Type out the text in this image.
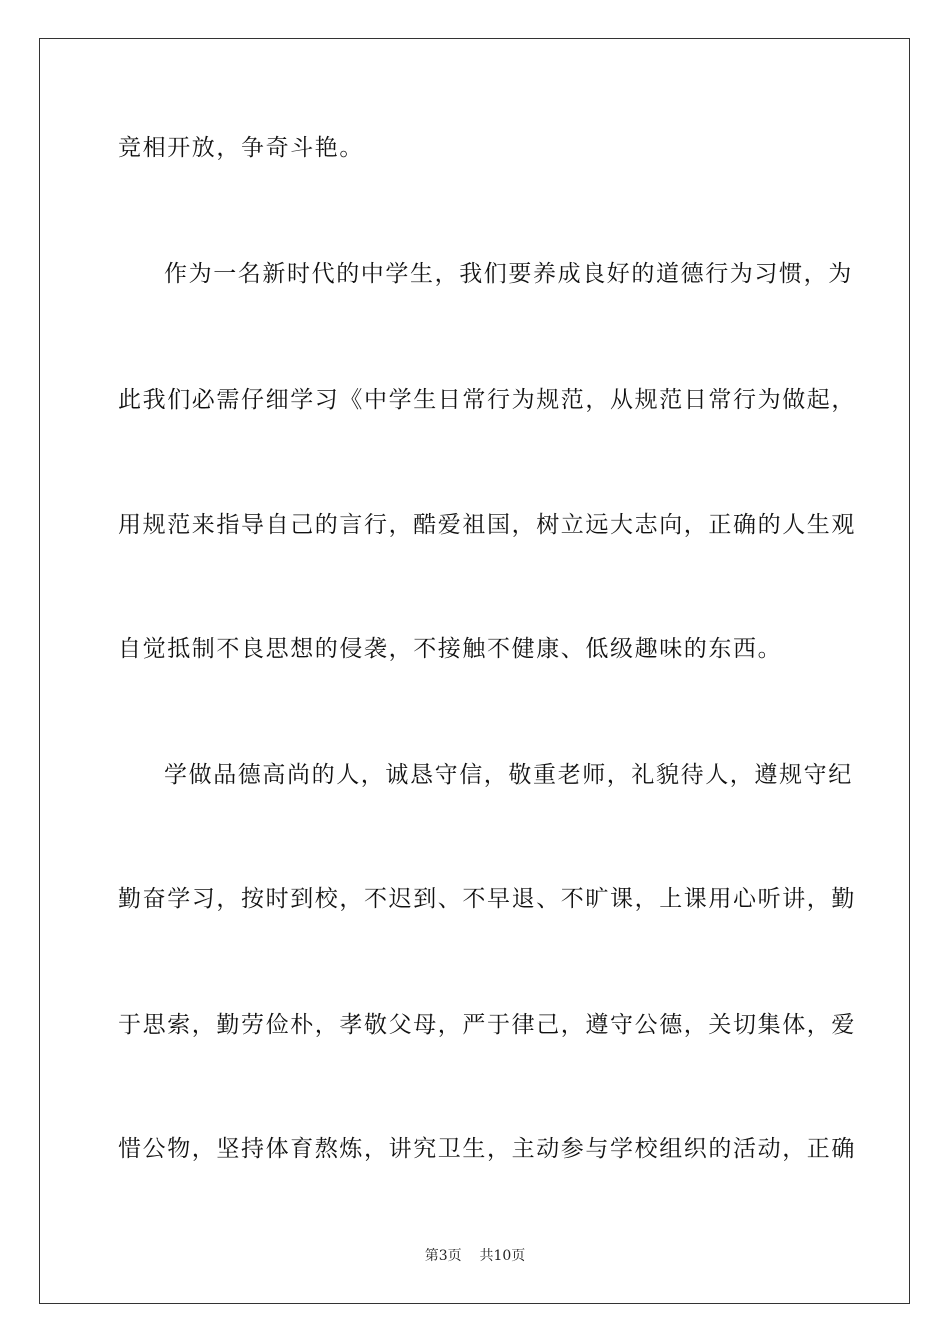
竞相开放，争奇斗艳。
作为一名新时代的中学生，我们要养成良好的道德行为习惯，为
此我们必需仔细学习《中学生日常行为规范，从规范日常行为做起，
用规范来指导自己的言行，酷爱祖国，树立远大志向，正确的人生观
自觉抵制不良思想的侵袭，不接触不健康、低级趣味的东西。
学做品德高尚的人，诚恳守信，敬重老师，礼貌待人，遵规守纪
勤奋学习，按时到校，不迟到、不早退、不旷课，上课用心听讲，勤
于思索，勤劳俭朴，孝敬父母，严于律己，遵守公德，关切集体，爱
惜公物，坚持体育熬炼，讲究卫生，主动参与学校组织的活动，正确
第3页    共10页
